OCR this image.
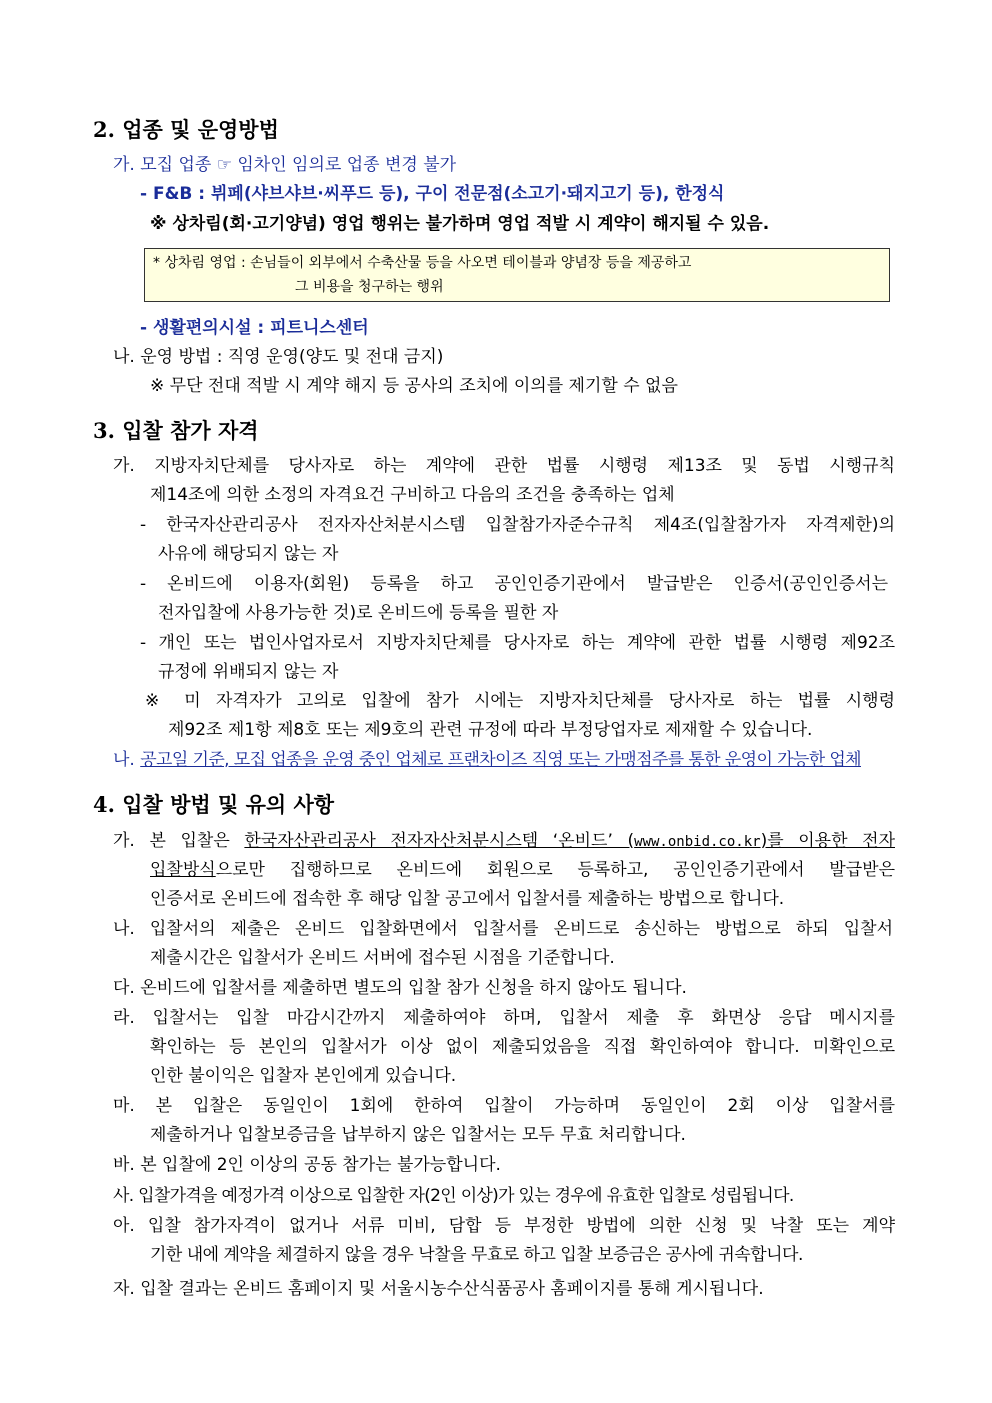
2. 업종 및 운영방법
가. 모집 업종 ☞ 임차인 임의로 업종 변경 불가
- F&B : 뷔페(샤브샤브·씨푸드 등), 구이 전문점(소고기·돼지고기 등), 한정식
※ 상차림(회·고기양념) 영업 행위는 불가하며 영업 적발 시 계약이 해지될 수 있음.
* 상차림 영업 : 손님들이 외부에서 수축산물 등을 사오면 테이블과 양념장 등을 제공하고
그 비용을 청구하는 행위
- 생활편의시설 : 피트니스센터
나. 운영 방법 : 직영 운영(양도 및 전대 금지)
※ 무단 전대 적발 시 계약 해지 등 공사의 조치에 이의를 제기할 수 없음
3. 입찰 참가 자격
가. 지방자치단체를 당사자로 하는 계약에 관한 법률 시행령 제13조 및 동법 시행규칙
제14조에 의한 소정의 자격요건 구비하고 다음의 조건을 충족하는 업체
- 한국자산관리공사 전자자산처분시스템 입찰참가자준수규칙 제4조(입찰참가자 자격제한)의
사유에 해당되지 않는 자
- 온비드에 이용자(회원) 등록을 하고 공인인증기관에서 발급받은 인증서(공인인증서는
전자입찰에 사용가능한 것)로 온비드에 등록을 필한 자
- 개인 또는 법인사업자로서 지방자치단체를 당사자로 하는 계약에 관한 법률 시행령 제92조
규정에 위배되지 않는 자
※ 미 자격자가 고의로 입찰에 참가 시에는 지방자치단체를 당사자로 하는 법률 시행령
제92조 제1항 제8호 또는 제9호의 관련 규정에 따라 부정당업자로 제재할 수 있습니다.
나. 공고일 기준, 모집 업종을 운영 중인 업체로 프랜차이즈 직영 또는 가맹점주를 통한 운영이 가능한 업체
4. 입찰 방법 및 유의 사항
가. 본 입찰은 한국자산관리공사 전자자산처분시스템 ‘온비드’ (www.onbid.co.kr)를 이용한 전자
입찰방식으로만 집행하므로 온비드에 회원으로 등록하고, 공인인증기관에서 발급받은
인증서로 온비드에 접속한 후 해당 입찰 공고에서 입찰서를 제출하는 방법으로 합니다.
나. 입찰서의 제출은 온비드 입찰화면에서 입찰서를 온비드로 송신하는 방법으로 하되 입찰서
제출시간은 입찰서가 온비드 서버에 접수된 시점을 기준합니다.
다. 온비드에 입찰서를 제출하면 별도의 입찰 참가 신청을 하지 않아도 됩니다.
라. 입찰서는 입찰 마감시간까지 제출하여야 하며, 입찰서 제출 후 화면상 응답 메시지를
확인하는 등 본인의 입찰서가 이상 없이 제출되었음을 직접 확인하여야 합니다. 미확인으로
인한 불이익은 입찰자 본인에게 있습니다.
마. 본 입찰은 동일인이 1회에 한하여 입찰이 가능하며 동일인이 2회 이상 입찰서를
제출하거나 입찰보증금을 납부하지 않은 입찰서는 모두 무효 처리합니다.
바. 본 입찰에 2인 이상의 공동 참가는 불가능합니다.
사. 입찰가격을 예정가격 이상으로 입찰한 자(2인 이상)가 있는 경우에 유효한 입찰로 성립됩니다.
아. 입찰 참가자격이 없거나 서류 미비, 담합 등 부정한 방법에 의한 신청 및 낙찰 또는 계약
기한 내에 계약을 체결하지 않을 경우 낙찰을 무효로 하고 입찰 보증금은 공사에 귀속합니다.
자. 입찰 결과는 온비드 홈페이지 및 서울시농수산식품공사 홈페이지를 통해 게시됩니다.
